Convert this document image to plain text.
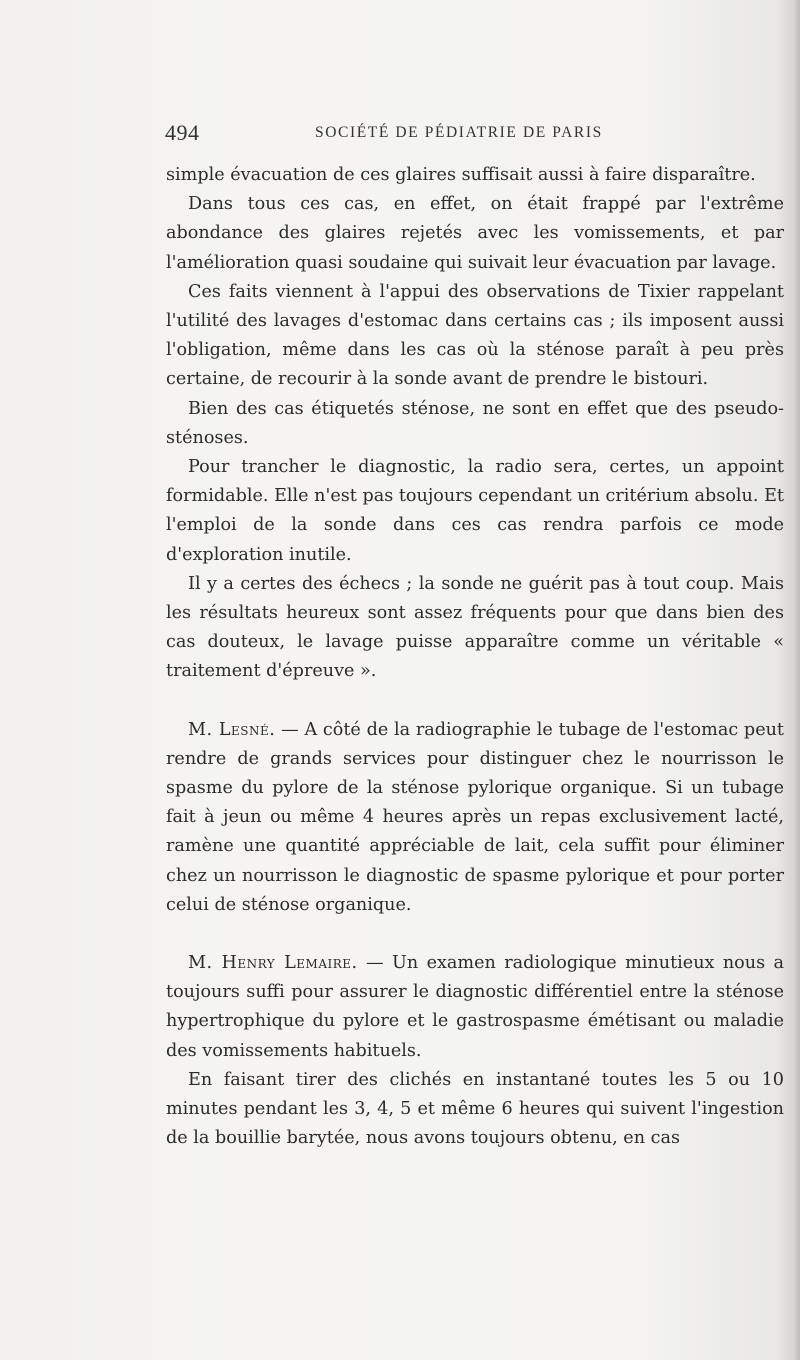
494	SOCIÉTÉ DE PÉDIATRIE DE PARIS

simple évacuation de ces glaires suffisait aussi à faire disparaître.

Dans tous ces cas, en effet, on était frappé par l'extrême abondance des glaires rejetés avec les vomissements, et par l'amélioration quasi soudaine qui suivait leur évacuation par lavage.

Ces faits viennent à l'appui des observations de Tixier rappelant l'utilité des lavages d'estomac dans certains cas ; ils imposent aussi l'obligation, même dans les cas où la sténose paraît à peu près certaine, de recourir à la sonde avant de prendre le bistouri.

Bien des cas étiquetés sténose, ne sont en effet que des pseudo-sténoses.

Pour trancher le diagnostic, la radio sera, certes, un appoint formidable. Elle n'est pas toujours cependant un critérium absolu. Et l'emploi de la sonde dans ces cas rendra parfois ce mode d'exploration inutile.

Il y a certes des échecs ; la sonde ne guérit pas à tout coup. Mais les résultats heureux sont assez fréquents pour que dans bien des cas douteux, le lavage puisse apparaître comme un véritable « traitement d'épreuve ».

M. Lesné. — A côté de la radiographie le tubage de l'estomac peut rendre de grands services pour distinguer chez le nourrisson le spasme du pylore de la sténose pylorique organique. Si un tubage fait à jeun ou même 4 heures après un repas exclusivement lacté, ramène une quantité appréciable de lait, cela suffit pour éliminer chez un nourrisson le diagnostic de spasme pylorique et pour porter celui de sténose organique.

M. Henry Lemaire. — Un examen radiologique minutieux nous a toujours suffi pour assurer le diagnostic différentiel entre la sténose hypertrophique du pylore et le gastrospasme émétisant ou maladie des vomissements habituels.

En faisant tirer des clichés en instantané toutes les 5 ou 10 minutes pendant les 3, 4, 5 et même 6 heures qui suivent l'ingestion de la bouillie barytée, nous avons toujours obtenu, en cas
